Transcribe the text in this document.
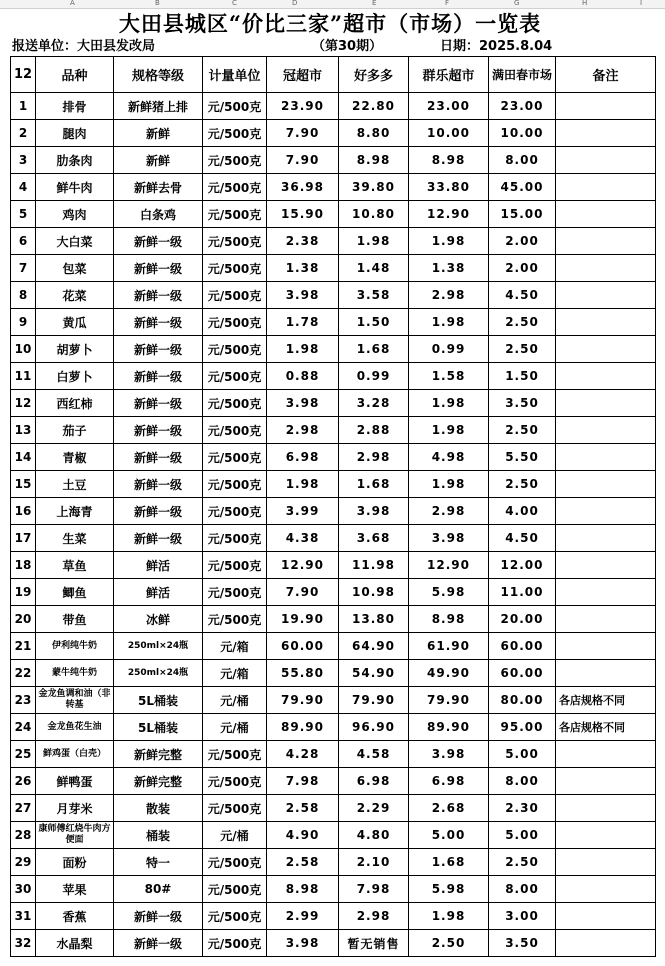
A	B	C	D	E	F	G	H	I
大田县城区“价比三家”超市（市场）一览表
报送单位：大田县发改局	（第30期）	日期：2025.8.04
12	品种	规格等级	计量单位	冠超市	好多多	群乐超市	满田春市场	备注
1	排骨	新鲜猪上排	元/500克	23.90	22.80	23.00	23.00	
2	腿肉	新鲜	元/500克	7.90	8.80	10.00	10.00	
3	肋条肉	新鲜	元/500克	7.90	8.98	8.98	8.00	
4	鲜牛肉	新鲜去骨	元/500克	36.98	39.80	33.80	45.00	
5	鸡肉	白条鸡	元/500克	15.90	10.80	12.90	15.00	
6	大白菜	新鲜一级	元/500克	2.38	1.98	1.98	2.00	
7	包菜	新鲜一级	元/500克	1.38	1.48	1.38	2.00	
8	花菜	新鲜一级	元/500克	3.98	3.58	2.98	4.50	
9	黄瓜	新鲜一级	元/500克	1.78	1.50	1.98	2.50	
10	胡萝卜	新鲜一级	元/500克	1.98	1.68	0.99	2.50	
11	白萝卜	新鲜一级	元/500克	0.88	0.99	1.58	1.50	
12	西红柿	新鲜一级	元/500克	3.98	3.28	1.98	3.50	
13	茄子	新鲜一级	元/500克	2.98	2.88	1.98	2.50	
14	青椒	新鲜一级	元/500克	6.98	2.98	4.98	5.50	
15	土豆	新鲜一级	元/500克	1.98	1.68	1.98	2.50	
16	上海青	新鲜一级	元/500克	3.99	3.98	2.98	4.00	
17	生菜	新鲜一级	元/500克	4.38	3.68	3.98	4.50	
18	草鱼	鲜活	元/500克	12.90	11.98	12.90	12.00	
19	鲫鱼	鲜活	元/500克	7.90	10.98	5.98	11.00	
20	带鱼	冰鲜	元/500克	19.90	13.80	8.98	20.00	
21	伊利纯牛奶	250ml×24瓶	元/箱	60.00	64.90	61.90	60.00	
22	蒙牛纯牛奶	250ml×24瓶	元/箱	55.80	54.90	49.90	60.00	
23	金龙鱼调和油（非转基	5L桶装	元/桶	79.90	79.90	79.90	80.00	各店规格不同
24	金龙鱼花生油	5L桶装	元/桶	89.90	96.90	89.90	95.00	各店规格不同
25	鲜鸡蛋（白壳）	新鲜完整	元/500克	4.28	4.58	3.98	5.00	
26	鲜鸭蛋	新鲜完整	元/500克	7.98	6.98	6.98	8.00	
27	月芽米	散装	元/500克	2.58	2.29	2.68	2.30	
28	康师傅红烧牛肉方便面	桶装	元/桶	4.90	4.80	5.00	5.00	
29	面粉	特一	元/500克	2.58	2.10	1.68	2.50	
30	苹果	80#	元/500克	8.98	7.98	5.98	8.00	
31	香蕉	新鲜一级	元/500克	2.99	2.98	1.98	3.00	
32	水晶梨	新鲜一级	元/500克	3.98	暂无销售	2.50	3.50	
